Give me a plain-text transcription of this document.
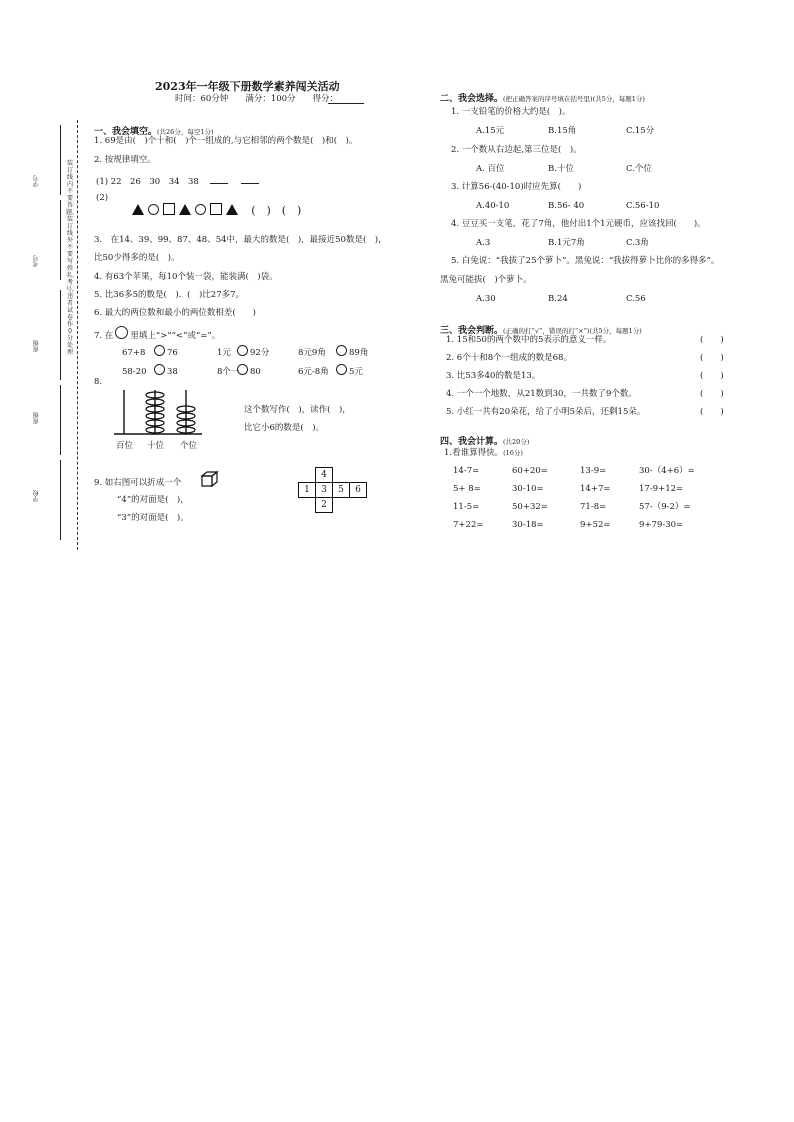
学号
考号
班级
班级
学校
装订线内不要答题，装订线外不要写姓名、考号，违者试卷作0分处理
2023年一年级下册数学素养闯关活动
时间：60分钟　　满分：100分　　得分：
一、我会填空。(共26分，每空1分)
1. 69是由(　)个十和(　)个一组成的,与它相邻的两个数是(　)和(　)。
2. 按规律填空。
(1) 22　26　30　34　38
(2)
(　)　(　)
3.　在14、39、99、87、48、54中，最大的数是(　)，最接近50数是(　)，
比50少得多的是(　)。
4. 有63个苹果，每10个装一袋，能装满(　)袋。
5. 比36多5的数是(　)．(　)比27多7。
6. 最大的两位数和最小的两位数相差(　　)
7. 在 里填上“>”“<”或“=”。
67+8	76	1元 92分	8元9角	89角
58-20 38	8个一 80	6元-8角 5元
8.
百位 十位 个位
这个数写作(　)，读作(　)，
比它小6的数是(　)。
9. 如右图可以折成一个
“4”的对面是(　)，
“3”的对面是(　)。
	4		
1	3	5	6
	2		
二、我会选择。(把正确答案的序号填在括号里)(共5分，每题1分)
1. 一支铅笔的价格大约是(　)。
A.15元	B.15角	C.15分
2. 一个数从右边起,第三位是(　)。
A. 百位	B.十位	C.个位
3. 计算56-(40-10)时应先算(　　)
A.40-10	B.56- 40	C.56-10
4. 豆豆买一支笔，花了7角，他付出1个1元硬币，应该找回(　　)。
A.3	B.1元7角	C.3角
5. 白兔说：“我拔了25个萝卜”。黑兔说：“我拔得萝卜比你的多得多”。
黑兔可能拔(　)个萝卜。
A.30	B.24	C.56
三、我会判断。(正确的打“√”，错误的打“×”)(共5分，每题1分)
1. 15和50的两个数中的5表示的意义一样。	(　　)
2. 6个十和8个一组成的数是68。	(　　)
3. 比53多40的数是13。	(　　)
4. 一个一个地数，从21数到30，一共数了9个数。	(　　)
5. 小红一共有20朵花，给了小明5朵后，还剩15朵。	(　　)
四、我会计算。(共20分)
1.看谁算得快。(16分)
14-7=	60+20=	13-9=	30-（4+6）=
5+ 8=	30-10=	14+7=	17-9+12=
11-5=	50+32=	71-8=	57-（9-2）=
7+22=	30-18=	9+52=	9+79-30=
